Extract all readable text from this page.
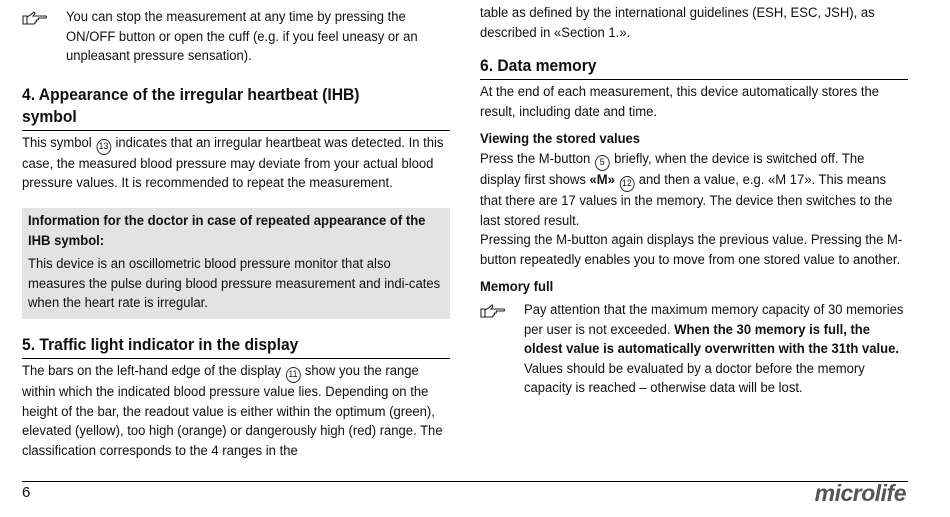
You can stop the measurement at any time by pressing the ON/OFF button or open the cuff (e.g. if you feel uneasy or an unpleasant pressure sensation).

4. Appearance of the irregular heartbeat (IHB) symbol

This symbol 13 indicates that an irregular heartbeat was detected. In this case, the measured blood pressure may deviate from your actual blood pressure values. It is recommended to repeat the measurement.

Information for the doctor in case of repeated appearance of the IHB symbol:

This device is an oscillometric blood pressure monitor that also measures the pulse during blood pressure measurement and indi-cates when the heart rate is irregular.

5. Traffic light indicator in the display

The bars on the left-hand edge of the display 11 show you the range within which the indicated blood pressure value lies. Depending on the height of the bar, the readout value is either within the optimum (green), elevated (yellow), too high (orange) or dangerously high (red) range. The classification corresponds to the 4 ranges in the

table as defined by the international guidelines (ESH, ESC, JSH), as described in «Section 1.».

6. Data memory

At the end of each measurement, this device automatically stores the result, including date and time.

Viewing the stored values

Press the M-button 5 briefly, when the device is switched off. The display first shows «M» 12 and then a value, e.g. «M 17». This means that there are 17 values in the memory. The device then switches to the last stored result.

Pressing the M-button again displays the previous value. Pressing the M-button repeatedly enables you to move from one stored value to another.

Memory full

Pay attention that the maximum memory capacity of 30 memories per user is not exceeded. When the 30 memory is full, the oldest value is automatically overwritten with the 31th value. Values should be evaluated by a doctor before the memory capacity is reached – otherwise data will be lost.

6	microlife
